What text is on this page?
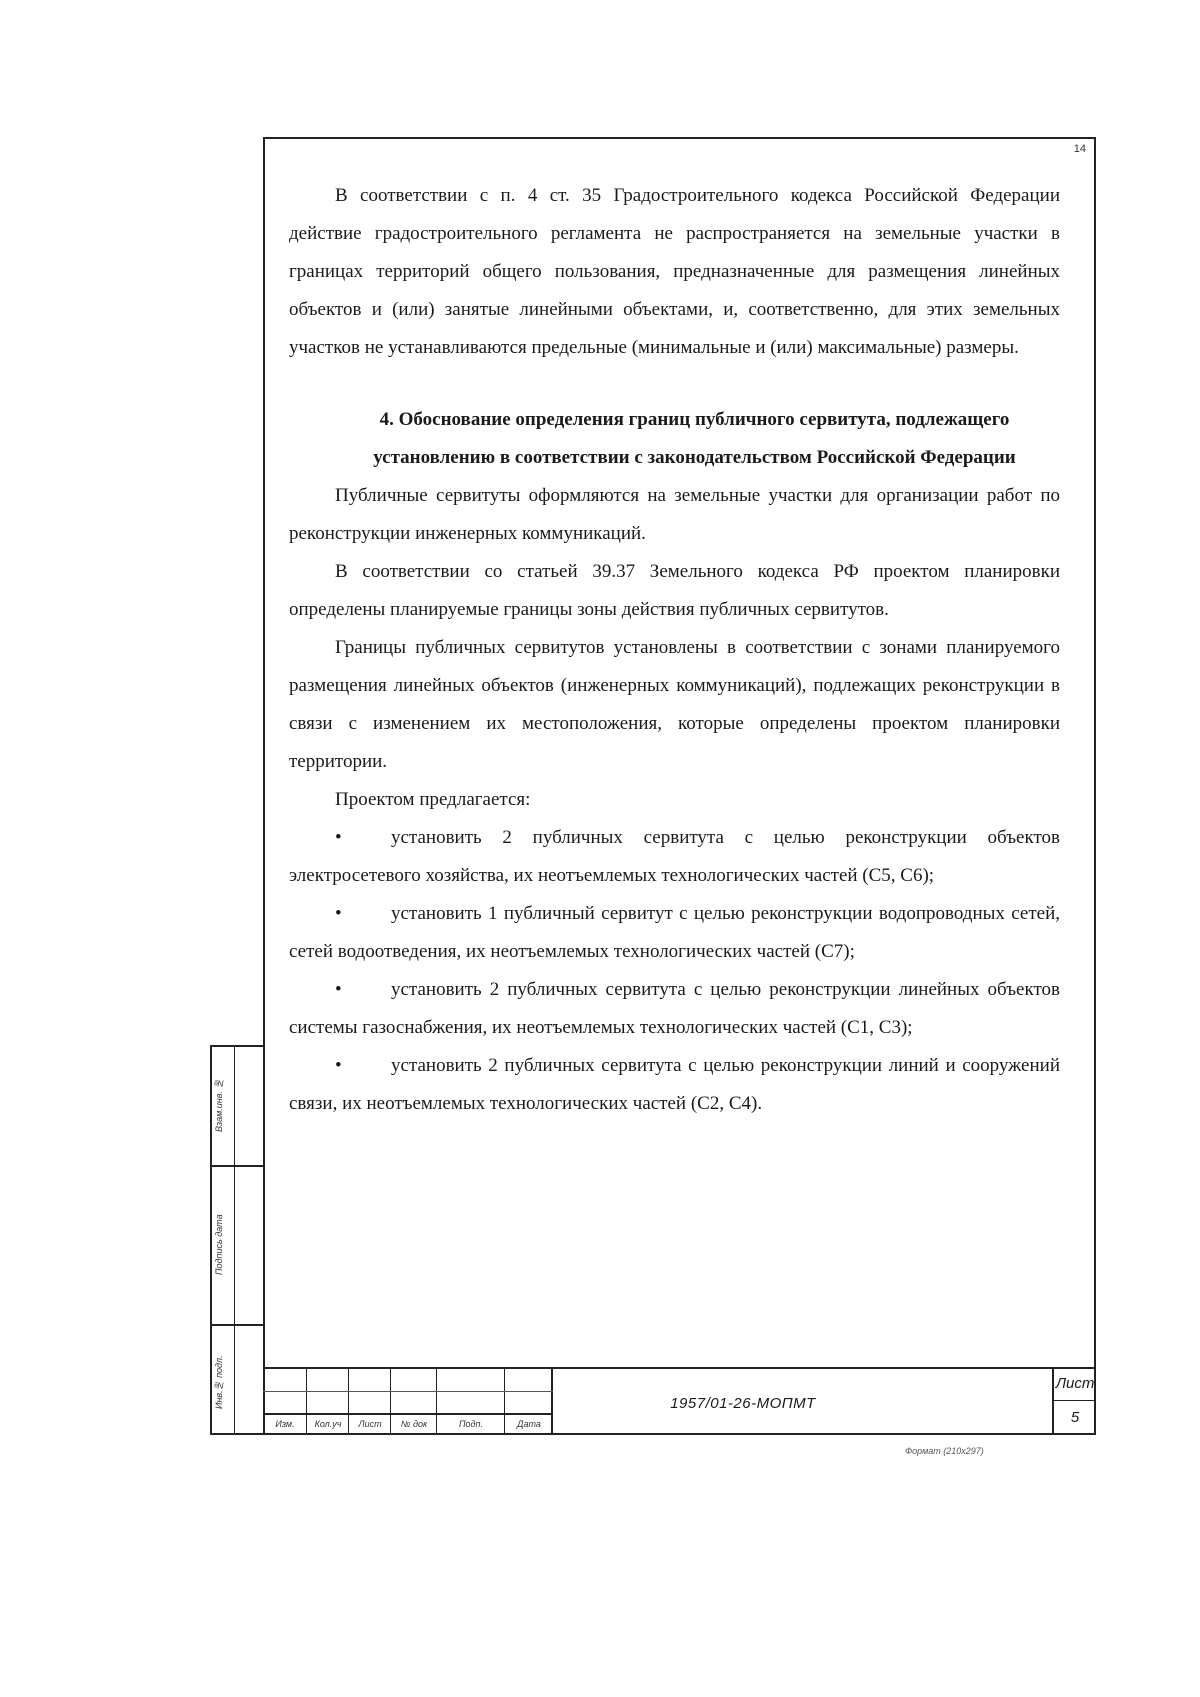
14

В соответствии с п. 4 ст. 35 Градостроительного кодекса Российской Федерации действие градостроительного регламента не распространяется на земельные участки в границах территорий общего пользования, предназначенные для размещения линейных объектов и (или) занятые линейными объектами, и, соответственно, для этих земельных участков не устанавливаются предельные (минимальные и (или) максимальные) размеры.

4. Обоснование определения границ публичного сервитута, подлежащего установлению в соответствии с законодательством Российской Федерации

Публичные сервитуты оформляются на земельные участки для организации работ по реконструкции инженерных коммуникаций.

В соответствии со статьей 39.37 Земельного кодекса РФ проектом планировки определены планируемые границы зоны действия публичных сервитутов.

Границы публичных сервитутов установлены в соответствии с зонами планируемого размещения линейных объектов (инженерных коммуникаций), подлежащих реконструкции в связи с изменением их местоположения, которые определены проектом планировки территории.

Проектом предлагается:

•	установить 2 публичных сервитута с целью реконструкции объектов электросетевого хозяйства, их неотъемлемых технологических частей (С5, С6);

•	установить 1 публичный сервитут с целью реконструкции водопроводных сетей, сетей водоотведения, их неотъемлемых технологических частей (С7);

•	установить 2 публичных сервитута с целью реконструкции линейных объектов системы газоснабжения, их неотъемлемых технологических частей (С1, С3);

•	установить 2 публичных сервитута с целью реконструкции линий и сооружений связи, их неотъемлемых технологических частей (С2, С4).

Взам.инв. №
Подпись дата
Инв.№ подл.
Изм.	Кол.уч	Лист	№ док	Подп.	Дата
1957/01-26-МОПМТ
Лист
5
Формат (210х297)
